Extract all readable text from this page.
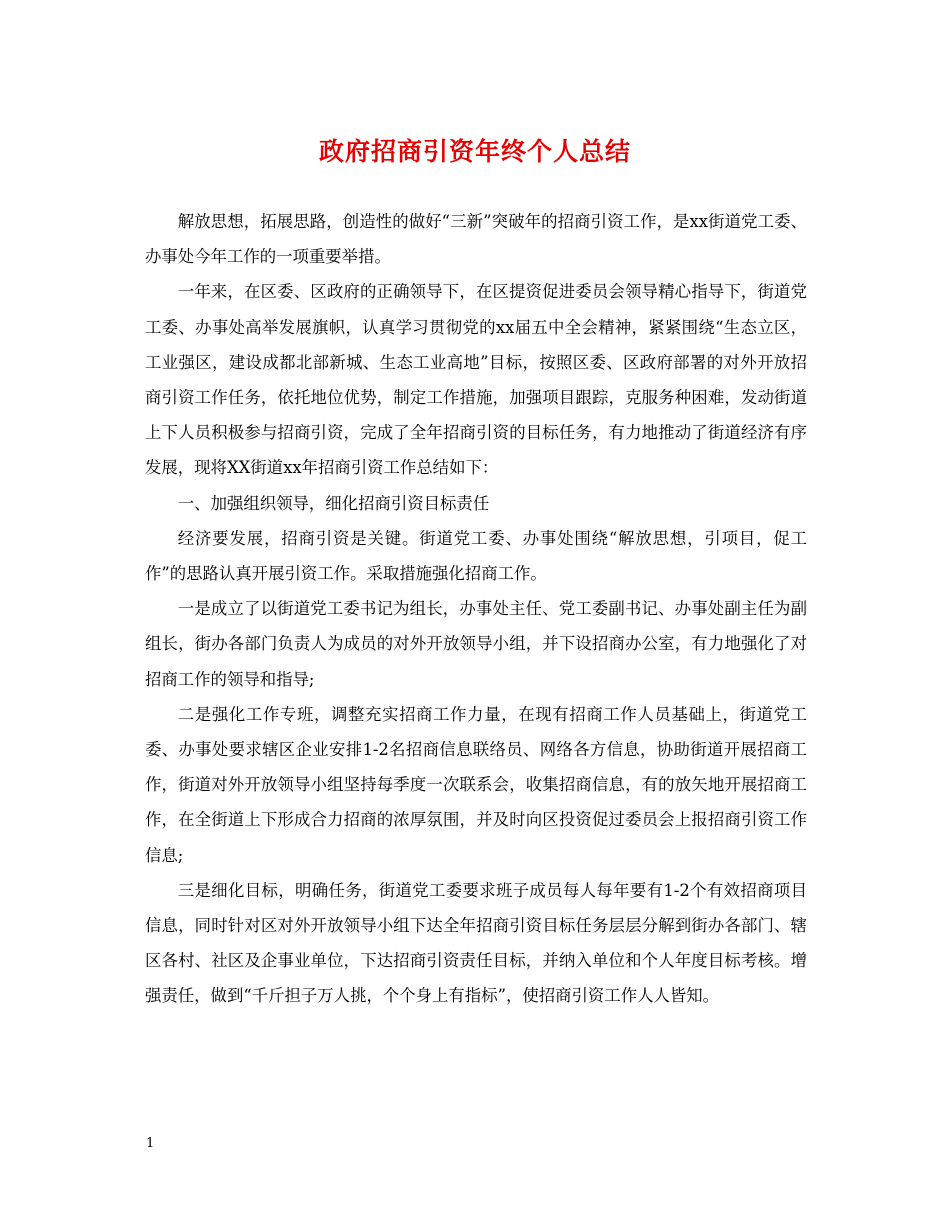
政府招商引资年终个人总结

解放思想，拓展思路，创造性的做好“三新”突破年的招商引资工作，是xx街道党工委、办事处今年工作的一项重要举措。

一年来，在区委、区政府的正确领导下，在区提资促进委员会领导精心指导下，街道党工委、办事处高举发展旗帜，认真学习贯彻党的xx届五中全会精神，紧紧围绕“生态立区，工业强区，建设成都北部新城、生态工业高地”目标，按照区委、区政府部署的对外开放招商引资工作任务，依托地位优势，制定工作措施，加强项目跟踪，克服务种困难，发动街道上下人员积极参与招商引资，完成了全年招商引资的目标任务，有力地推动了街道经济有序发展，现将XX街道xx年招商引资工作总结如下：

一、加强组织领导，细化招商引资目标责任

经济要发展，招商引资是关键。街道党工委、办事处围绕“解放思想，引项目，促工作”的思路认真开展引资工作。采取措施强化招商工作。

一是成立了以街道党工委书记为组长，办事处主任、党工委副书记、办事处副主任为副组长，街办各部门负责人为成员的对外开放领导小组，并下设招商办公室，有力地强化了对招商工作的领导和指导;

二是强化工作专班，调整充实招商工作力量，在现有招商工作人员基础上，街道党工委、办事处要求辖区企业安排1-2名招商信息联络员、网络各方信息，协助街道开展招商工作，街道对外开放领导小组坚持每季度一次联系会，收集招商信息，有的放矢地开展招商工作，在全街道上下形成合力招商的浓厚氛围，并及时向区投资促过委员会上报招商引资工作信息;

三是细化目标，明确任务，街道党工委要求班子成员每人每年要有1-2个有效招商项目信息，同时针对区对外开放领导小组下达全年招商引资目标任务层层分解到街办各部门、辖区各村、社区及企事业单位，下达招商引资责任目标，并纳入单位和个人年度目标考核。增强责任，做到“千斤担子万人挑，个个身上有指标”，使招商引资工作人人皆知。

1
